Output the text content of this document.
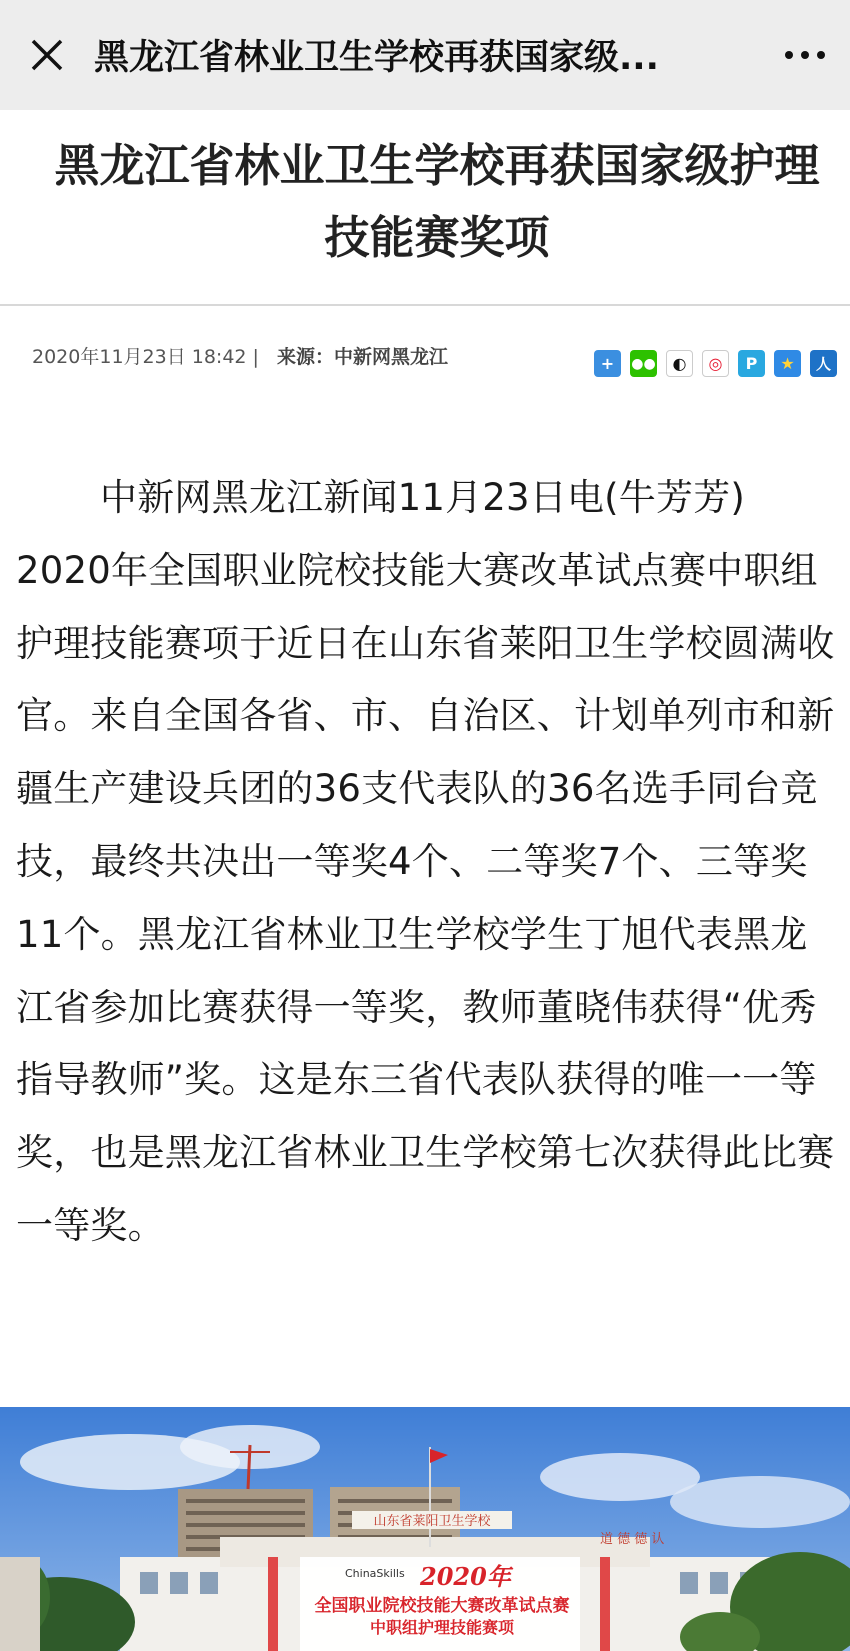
黑龙江省林业卫生学校再获国家级...
黑龙江省林业卫生学校再获国家级护理技能赛奖项
2020年11月23日 18:42 | 来源：中新网黑龙江	+	●●	◐	◎	P	★	人

中新网黑龙江新闻11月23日电(牛芳芳) 2020年全国职业院校技能大赛改革试点赛中职组护理技能赛项于近日在山东省莱阳卫生学校圆满收官。来自全国各省、市、自治区、计划单列市和新疆生产建设兵团的36支代表队的36名选手同台竞技，最终共决出一等奖4个、二等奖7个、三等奖11个。黑龙江省林业卫生学校学生丁旭代表黑龙江省参加比赛获得一等奖，教师董晓伟获得“优秀指导教师”奖。这是东三省代表队获得的唯一一等奖，也是黑龙江省林业卫生学校第七次获得此比赛一等奖。

山东省莱阳卫生学校
道 德 德 认
ChinaSkills 2020年
全国职业院校技能大赛改革试点赛
中职组护理技能赛项
